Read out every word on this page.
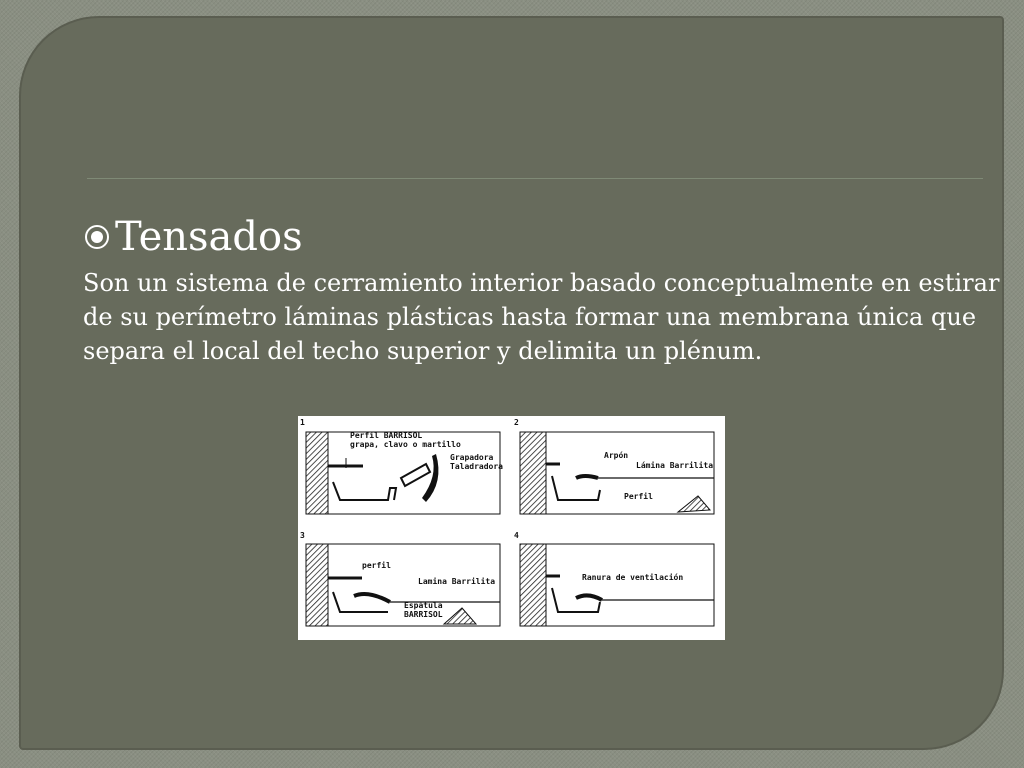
Tensados

Son un sistema de cerramiento interior basado conceptualmente en estirar de su perímetro láminas plásticas hasta formar una membrana única que separa el local del techo superior y delimita un plénum.

1
Perfil BARRISOL
grapa, clavo o martillo
Grapadora
Taladradora
2
Arpón
Lámina Barrilita
Perfil
3
perfil
Lamina Barrilita
Espátula
BARRISOL
4
Ranura de ventilación
